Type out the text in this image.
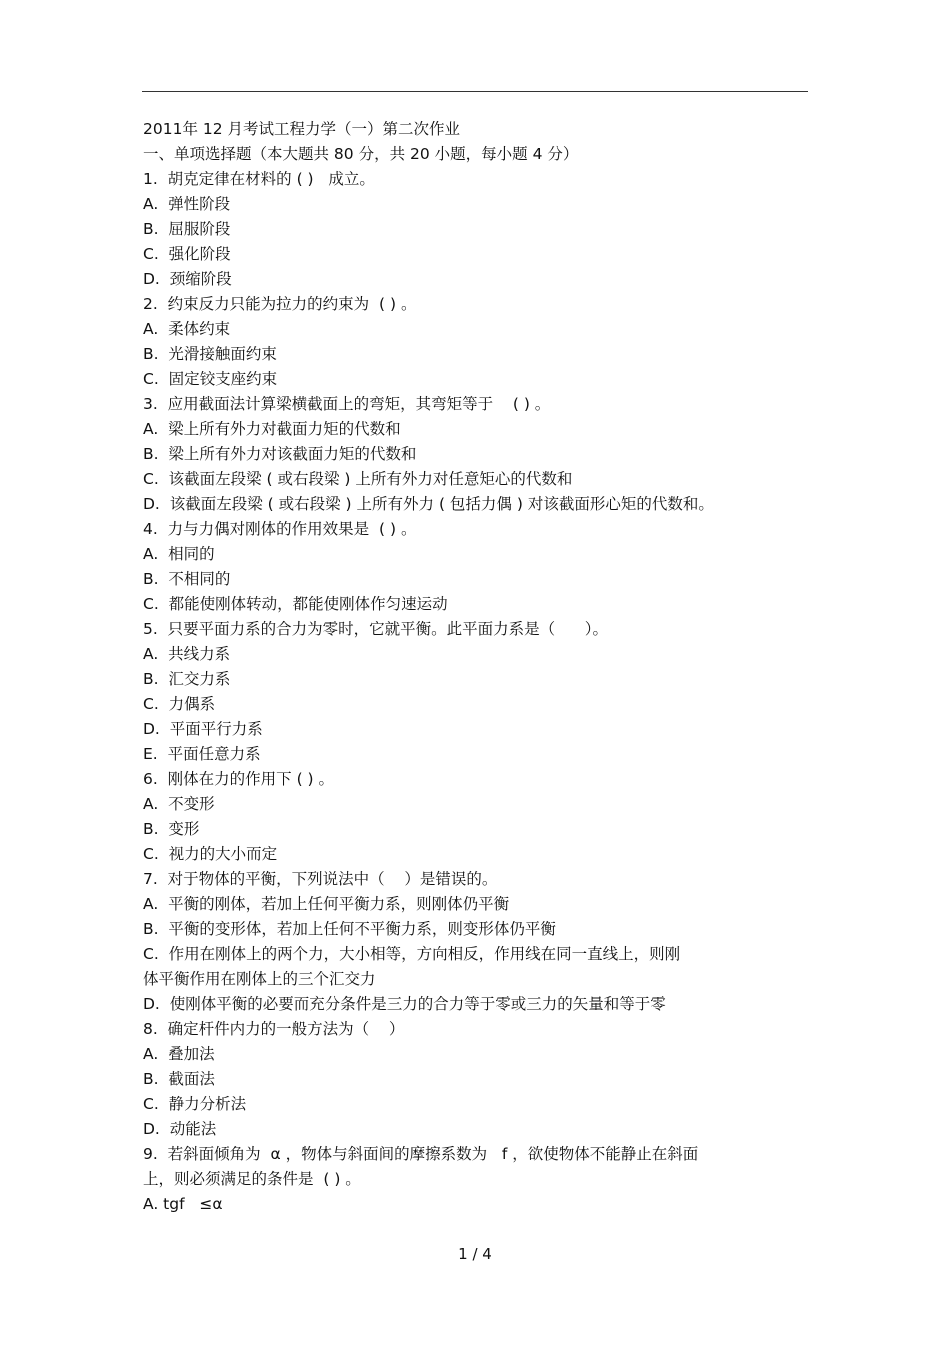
2011年 12 月考试工程力学（一）第二次作业
一、单项选择题（本大题共 80 分，共 20 小题，每小题 4 分）
1.  胡克定律在材料的 ( )   成立。
A.  弹性阶段
B.  屈服阶段
C.  强化阶段
D.  颈缩阶段
2.  约束反力只能为拉力的约束为  ( ) 。
A.  柔体约束
B.  光滑接触面约束
C.  固定铰支座约束
3.  应用截面法计算梁横截面上的弯矩，其弯矩等于    ( ) 。
A.  梁上所有外力对截面力矩的代数和
B.  梁上所有外力对该截面力矩的代数和
C.  该截面左段梁 ( 或右段梁 ) 上所有外力对任意矩心的代数和
D.  该截面左段梁 ( 或右段梁 ) 上所有外力 ( 包括力偶 ) 对该截面形心矩的代数和。
4.  力与力偶对刚体的作用效果是  ( ) 。
A.  相同的
B.  不相同的
C.  都能使刚体转动，都能使刚体作匀速运动
5.  只要平面力系的合力为零时，它就平衡。此平面力系是（      ）。
A.  共线力系
B.  汇交力系
C.  力偶系
D.  平面平行力系
E.  平面任意力系
6.  刚体在力的作用下 ( ) 。
A.  不变形
B.  变形
C.  视力的大小而定
7.  对于物体的平衡，下列说法中（    ）是错误的。
A.  平衡的刚体，若加上任何平衡力系，则刚体仍平衡
B.  平衡的变形体，若加上任何不平衡力系，则变形体仍平衡
C.  作用在刚体上的两个力，大小相等，方向相反，作用线在同一直线上，则刚
体平衡作用在刚体上的三个汇交力
D.  使刚体平衡的必要而充分条件是三力的合力等于零或三力的矢量和等于零
8.  确定杆件内力的一般方法为（    ）
A.  叠加法
B.  截面法
C.  静力分析法
D.  动能法
9.  若斜面倾角为  α ，物体与斜面间的摩擦系数为   f ，欲使物体不能静止在斜面
上，则必须满足的条件是  ( ) 。
A. tgf   ≤α
1 / 4
